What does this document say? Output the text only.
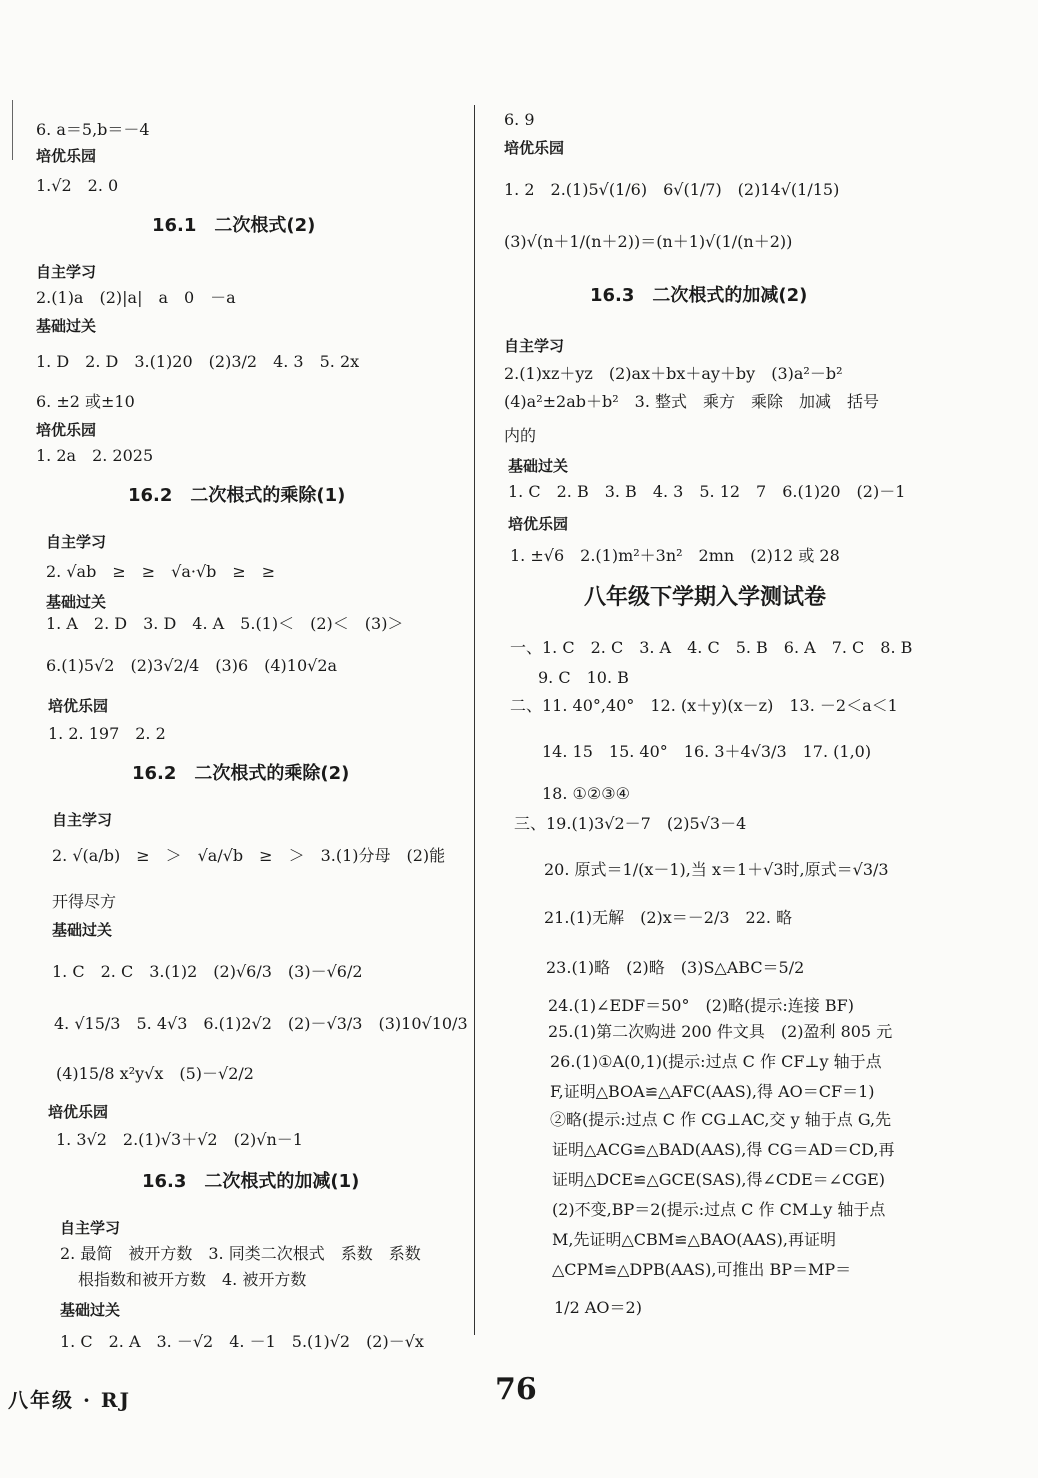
6. a＝5,b＝－4
培优乐园
1.√2　2. 0
16.1　二次根式(2)
自主学习
2.(1)a　(2)|a|　a　0　－a
基础过关
1. D　2. D　3.(1)20　(2)3/2　4. 3　5. 2x
6. ±2 或±10
培优乐园
1. 2a　2. 2025
16.2　二次根式的乘除(1)
自主学习
2. √ab　≥　≥　√a·√b　≥　≥
基础过关
1. A　2. D　3. D　4. A　5.(1)＜　(2)＜　(3)＞
6.(1)5√2　(2)3√2/4　(3)6　(4)10√2a
培优乐园
1. 2. 197　2. 2
16.2　二次根式的乘除(2)
自主学习
2. √(a/b)　≥　＞　√a/√b　≥　＞　3.(1)分母　(2)能
开得尽方
基础过关
1. C　2. C　3.(1)2　(2)√6/3　(3)－√6/2
4. √15/3　5. 4√3　6.(1)2√2　(2)－√3/3　(3)10√10/3
(4)15/8 x²y√x　(5)－√2/2
培优乐园
1. 3√2　2.(1)√3＋√2　(2)√n－1
16.3　二次根式的加减(1)
自主学习
2. 最简　被开方数　3. 同类二次根式　系数　系数
根指数和被开方数　4. 被开方数
基础过关
1. C　2. A　3. －√2　4. －1　5.(1)√2　(2)－√x
6. 9
培优乐园
1. 2　2.(1)5√(1/6)　6√(1/7)　(2)14√(1/15)
(3)√(n＋1/(n＋2))＝(n＋1)√(1/(n＋2))
16.3　二次根式的加减(2)
自主学习
2.(1)xz＋yz　(2)ax＋bx＋ay＋by　(3)a²－b²
(4)a²±2ab＋b²　3. 整式　乘方　乘除　加减　括号
内的
基础过关
1. C　2. B　3. B　4. 3　5. 12　7　6.(1)20　(2)－1
培优乐园
1. ±√6　2.(1)m²＋3n²　2mn　(2)12 或 28
八年级下学期入学测试卷
一、1. C　2. C　3. A　4. C　5. B　6. A　7. C　8. B
9. C　10. B
二、11. 40°,40°　12. (x＋y)(x－z)　13. －2＜a＜1
14. 15　15. 40°　16. 3＋4√3/3　17. (1,0)
18. ①②③④
三、19.(1)3√2－7　(2)5√3－4
20. 原式＝1/(x－1),当 x＝1＋√3时,原式＝√3/3
21.(1)无解　(2)x＝－2/3　22. 略
23.(1)略　(2)略　(3)S△ABC＝5/2
24.(1)∠EDF＝50°　(2)略(提示:连接 BF)
25.(1)第二次购进 200 件文具　(2)盈利 805 元
26.(1)①A(0,1)(提示:过点 C 作 CF⊥y 轴于点
F,证明△BOA≌△AFC(AAS),得 AO＝CF＝1)
②略(提示:过点 C 作 CG⊥AC,交 y 轴于点 G,先
证明△ACG≌△BAD(AAS),得 CG＝AD＝CD,再
证明△DCE≌△GCE(SAS),得∠CDE＝∠CGE)
(2)不变,BP＝2(提示:过点 C 作 CM⊥y 轴于点
M,先证明△CBM≌△BAO(AAS),再证明
△CPM≌△DPB(AAS),可推出 BP＝MP＝
1/2 AO＝2)
八年级 · RJ	76
